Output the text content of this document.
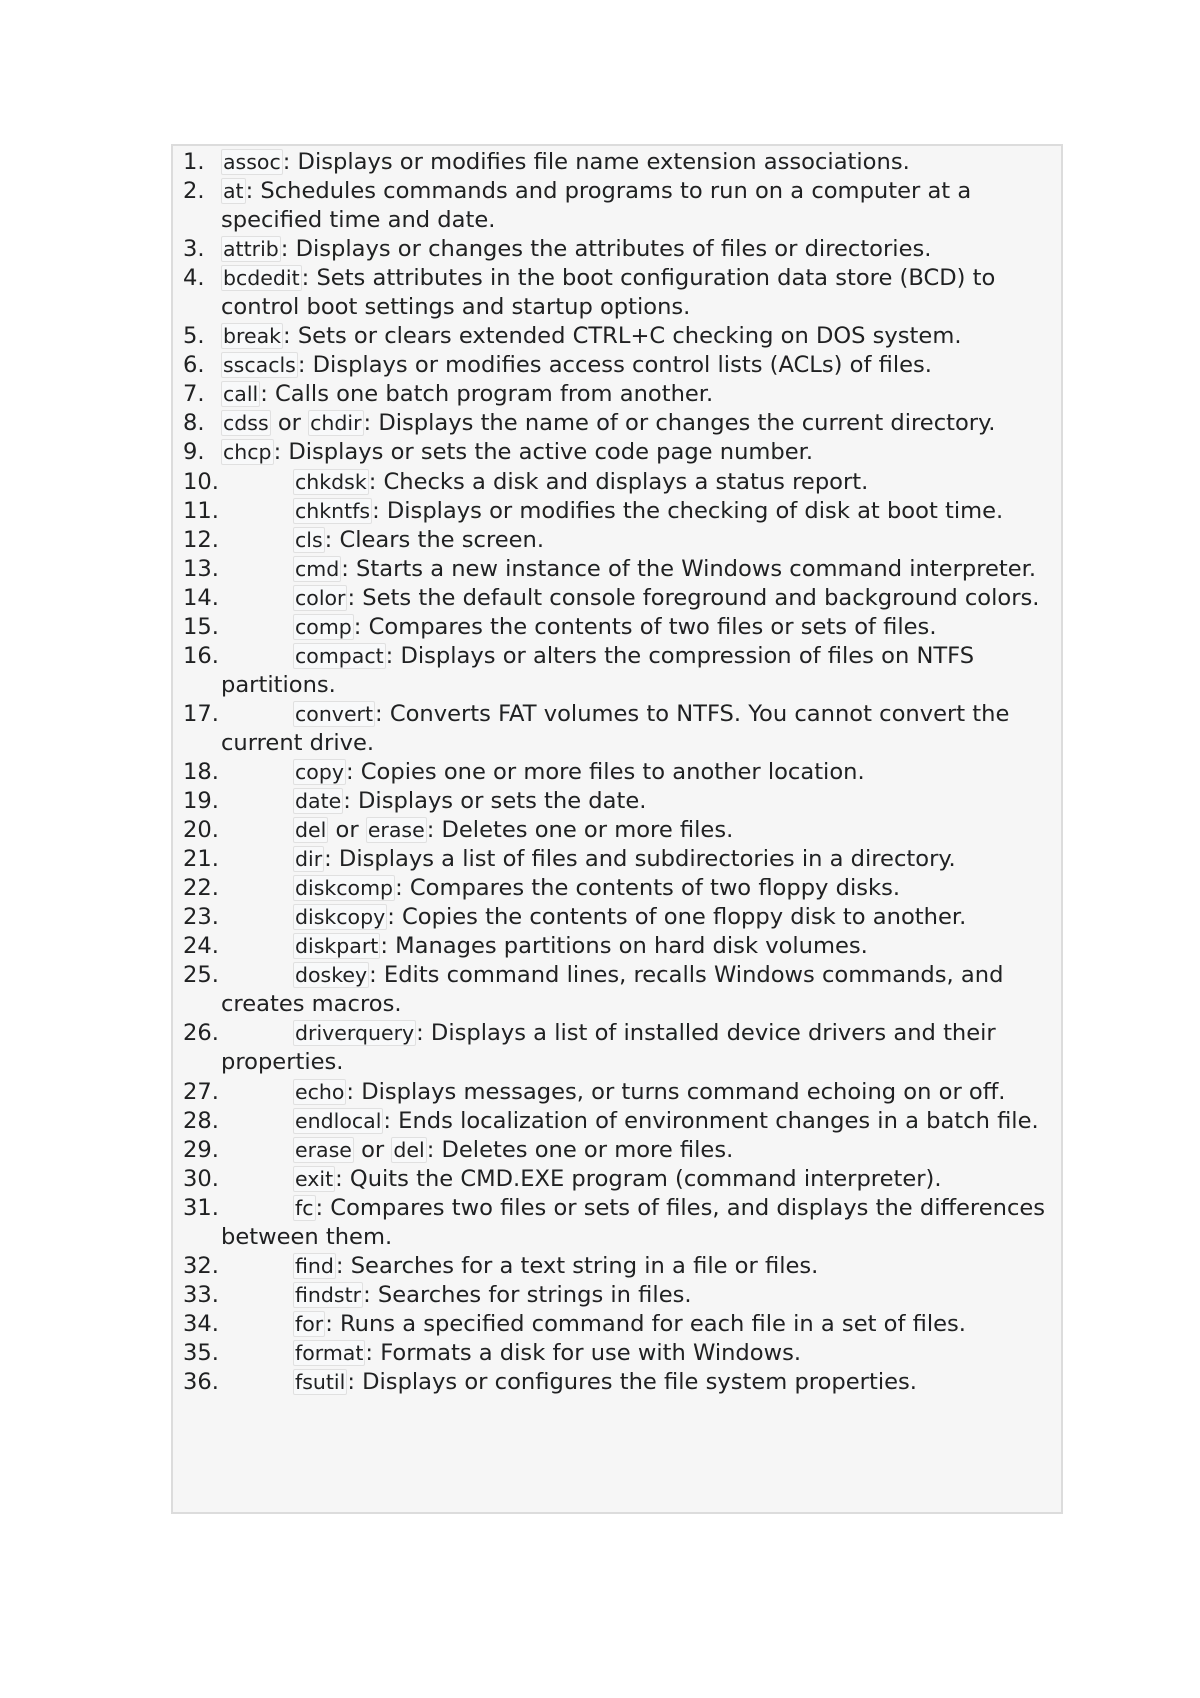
1. assoc: Displays or modifies file name extension associations.
2. at: Schedules commands and programs to run on a computer at a specified time and date.
3. attrib: Displays or changes the attributes of files or directories.
4. bcdedit: Sets attributes in the boot configuration data store (BCD) to control boot settings and startup options.
5. break: Sets or clears extended CTRL+C checking on DOS system.
6. sscacls: Displays or modifies access control lists (ACLs) of files.
7. call: Calls one batch program from another.
8. cdss or chdir: Displays the name of or changes the current directory.
9. chcp: Displays or sets the active code page number.
10.	chkdsk: Checks a disk and displays a status report.
11.	chkntfs: Displays or modifies the checking of disk at boot time.
12.	cls: Clears the screen.
13.	cmd: Starts a new instance of the Windows command interpreter.
14.	color: Sets the default console foreground and background colors.
15.	comp: Compares the contents of two files or sets of files.
16.	compact: Displays or alters the compression of files on NTFS partitions.
17.	convert: Converts FAT volumes to NTFS. You cannot convert the current drive.
18.	copy: Copies one or more files to another location.
19.	date: Displays or sets the date.
20.	del or erase: Deletes one or more files.
21.	dir: Displays a list of files and subdirectories in a directory.
22.	diskcomp: Compares the contents of two floppy disks.
23.	diskcopy: Copies the contents of one floppy disk to another.
24.	diskpart: Manages partitions on hard disk volumes.
25.	doskey: Edits command lines, recalls Windows commands, and creates macros.
26.	driverquery: Displays a list of installed device drivers and their properties.
27.	echo: Displays messages, or turns command echoing on or off.
28.	endlocal: Ends localization of environment changes in a batch file.
29.	erase or del: Deletes one or more files.
30.	exit: Quits the CMD.EXE program (command interpreter).
31.	fc: Compares two files or sets of files, and displays the differences between them.
32.	find: Searches for a text string in a file or files.
33.	findstr: Searches for strings in files.
34.	for: Runs a specified command for each file in a set of files.
35.	format: Formats a disk for use with Windows.
36.	fsutil: Displays or configures the file system properties.
